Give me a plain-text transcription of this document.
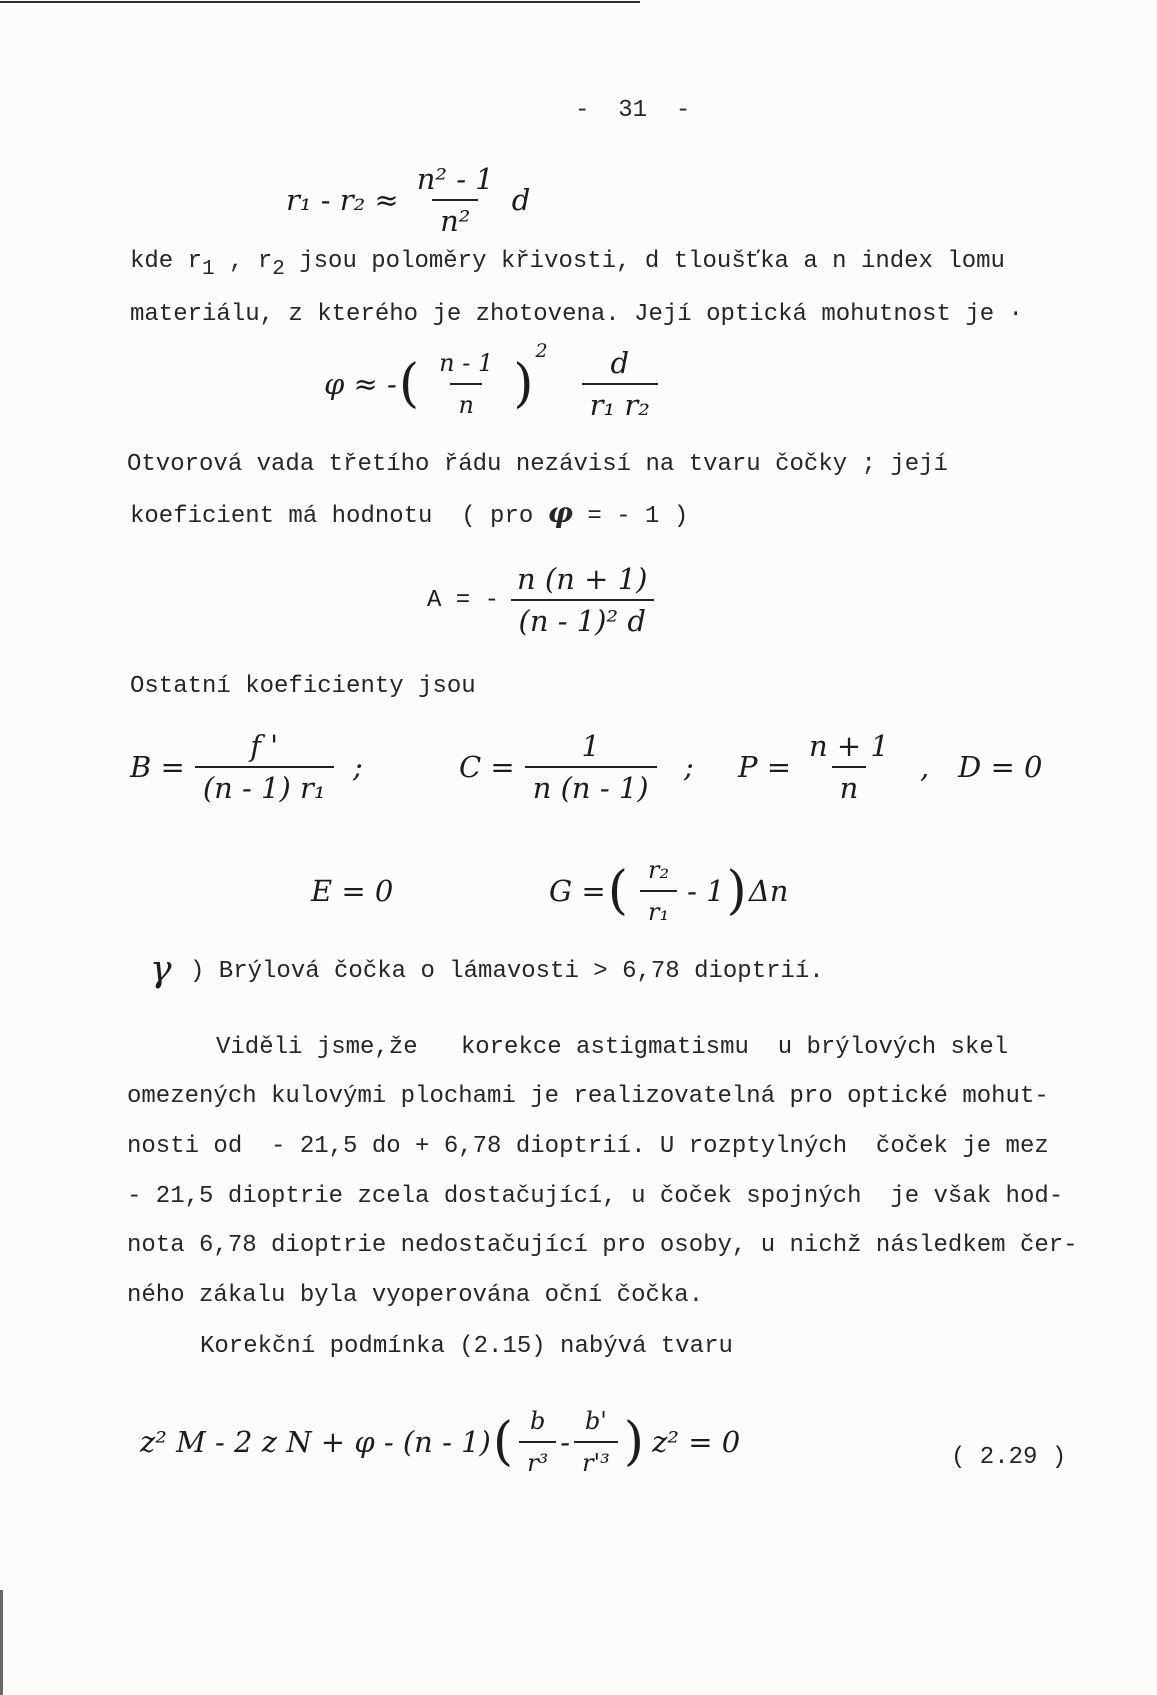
-  31  -
$r_1 - r_2 \approx \frac{\text{n² - 1}}{\text{n²}}$ d
kde r1 , r2 jsou poloměry křivosti, d tloušťka a n index lomu
materiálu, z kterého je zhotovena. Její optická mohutnost je ·
φ ≈ - ( $\frac{n - 1}{n}$ )
$2 \frac{d}{\text{r₁ r₂}}$
Otvorová vada třetího řádu nezávisí na tvaru čočky ; její
koeficient má hodnotu  ( pro φ = - 1 )
A = - $\frac{n (n + 1)}{\text{(n - 1)² d}}$
Ostatní koeficienty jsou
$B = \frac{f '}{\text{(n - 1) r₁}}$ ;	$C = \frac{1}{n (n - 1)}$ ; $P = \frac{n + 1}{n}$ , D = 0
E = 0	G = ( $\frac{\text{r₂}}{\text{r₁}} - 1$ ) Δn
γ ) Brýlová čočka o lámavosti > 6,78 dioptrií.
Viděli jsme,že   korekce astigmatismu  u brýlových skel
omezených kulovými plochami je realizovatelná pro optické mohut-
nosti od  - 21,5 do + 6,78 dioptrií. U rozptylných  čoček je mez
- 21,5 dioptrie zcela dostačující, u čoček spojných  je však hod-
nota 6,78 dioptrie nedostačující pro osoby, u nichž následkem čer-
ného zákalu byla vyoperována oční čočka.
Korekční podmínka (2.15) nabývá tvaru
z² M - 2 z N + φ - (n - 1) ( $\frac{b}{\text{r³}} - \frac{b'}{\text{r'³}}$ ) z² = 0	( 2.29 )
